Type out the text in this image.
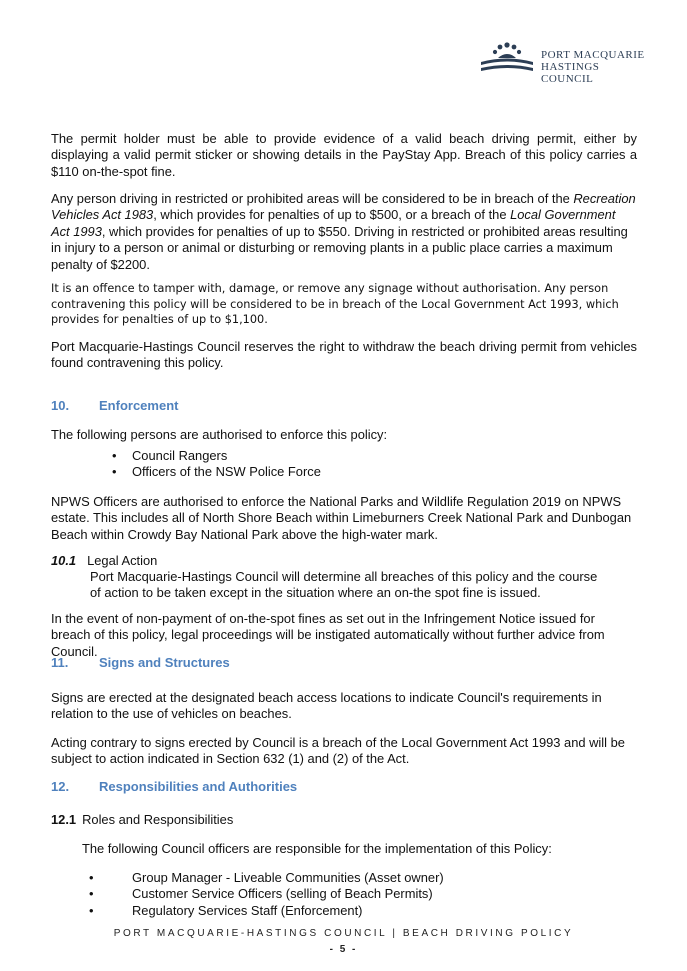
PORT MACQUARIE
HASTINGS COUNCIL

The permit holder must be able to provide evidence of a valid beach driving permit, either by displaying a valid permit sticker or showing details in the PayStay App. Breach of this policy carries a $110 on-the-spot fine.

Any person driving in restricted or prohibited areas will be considered to be in breach of the Recreation Vehicles Act 1983, which provides for penalties of up to $500, or a breach of the Local Government Act 1993, which provides for penalties of up to $550. Driving in restricted or prohibited areas resulting in injury to a person or animal or disturbing or removing plants in a public place carries a maximum penalty of $2200.

It is an offence to tamper with, damage, or remove any signage without authorisation. Any person contravening this policy will be considered to be in breach of the Local Government Act 1993, which provides for penalties of up to $1,100.

Port Macquarie-Hastings Council reserves the right to withdraw the beach driving permit from vehicles found contravening this policy.

10. Enforcement

The following persons are authorised to enforce this policy:

• Council Rangers
• Officers of the NSW Police Force

NPWS Officers are authorised to enforce the National Parks and Wildlife Regulation 2019 on NPWS estate. This includes all of North Shore Beach within Limeburners Creek National Park and Dunbogan Beach within Crowdy Bay National Park above the high-water mark.

10.1 Legal Action

Port Macquarie-Hastings Council will determine all breaches of this policy and the course of action to be taken except in the situation where an on-the spot fine is issued.

In the event of non-payment of on-the-spot fines as set out in the Infringement Notice issued for breach of this policy, legal proceedings will be instigated automatically without further advice from Council.

11. Signs and Structures

Signs are erected at the designated beach access locations to indicate Council's requirements in relation to the use of vehicles on beaches.

Acting contrary to signs erected by Council is a breach of the Local Government Act 1993 and will be subject to action indicated in Section 632 (1) and (2) of the Act.

12. Responsibilities and Authorities
12.1 Roles and Responsibilities

The following Council officers are responsible for the implementation of this Policy:

•	Group Manager - Liveable Communities (Asset owner)
•	Customer Service Officers (selling of Beach Permits)
•	Regulatory Services Staff (Enforcement)
PORT MACQUARIE-HASTINGS COUNCIL | BEACH DRIVING POLICY
- 5 -
